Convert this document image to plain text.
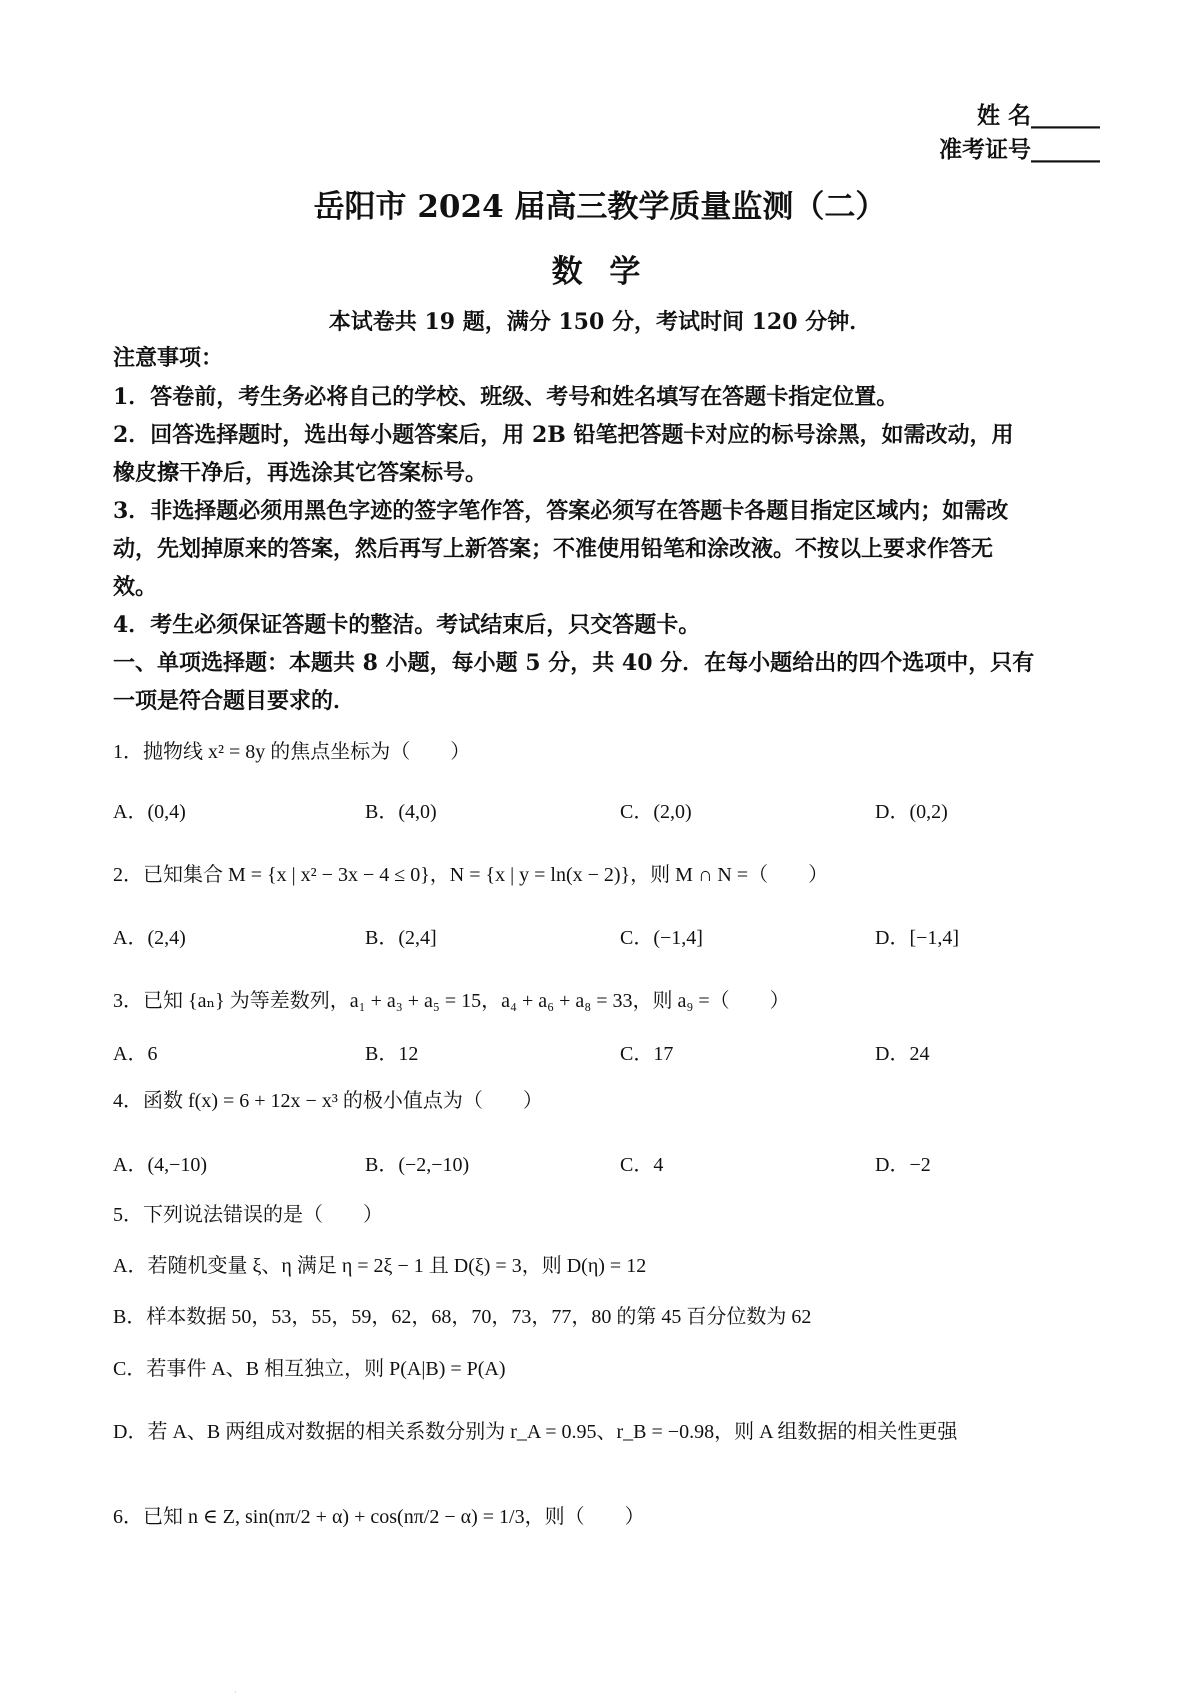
姓 名______
准考证号______
岳阳市 2024 届高三教学质量监测（二）
数 学
本试卷共 19 题，满分 150 分，考试时间 120 分钟．
注意事项：
1．答卷前，考生务必将自己的学校、班级、考号和姓名填写在答题卡指定位置。
2．回答选择题时，选出每小题答案后，用 2B 铅笔把答题卡对应的标号涂黑，如需改动，用
橡皮擦干净后，再选涂其它答案标号。
3．非选择题必须用黑色字迹的签字笔作答，答案必须写在答题卡各题目指定区域内；如需改
动，先划掉原来的答案，然后再写上新答案；不准使用铅笔和涂改液。不按以上要求作答无
效。
4．考生必须保证答题卡的整洁。考试结束后，只交答题卡。
一、单项选择题：本题共 8 小题，每小题 5 分，共 40 分．在每小题给出的四个选项中，只有
一项是符合题目要求的．
1．抛物线 x² = 8y 的焦点坐标为（　　）
A．(0,4)	B．(4,0)	C．(2,0)	D．(0,2)
2．已知集合 M = {x | x² − 3x − 4 ≤ 0}，N = {x | y = ln(x − 2)}，则 M ∩ N =（　　）
A．(2,4)	B．(2,4]	C．(−1,4]	D．[−1,4]
3．已知 {aₙ} 为等差数列，a₁ + a₃ + a₅ = 15，a₄ + a₆ + a₈ = 33，则 a₉ =（　　）
A．6	B．12	C．17	D．24
4．函数 f(x) = 6 + 12x − x³ 的极小值点为（　　）
A．(4,−10)	B．(−2,−10)	C．4	D．−2
5．下列说法错误的是（　　）
A．若随机变量 ξ、η 满足 η = 2ξ − 1 且 D(ξ) = 3，则 D(η) = 12
B．样本数据 50，53，55，59，62，68，70，73，77，80 的第 45 百分位数为 62
C．若事件 A、B 相互独立，则 P(A|B) = P(A)
D．若 A、B 两组成对数据的相关系数分别为 r_A = 0.95、r_B = −0.98，则 A 组数据的相关性更强
6．已知 n ∈ Z, sin(nπ/2 + α) + cos(nπ/2 − α) = 1/3，则（　　）
·
